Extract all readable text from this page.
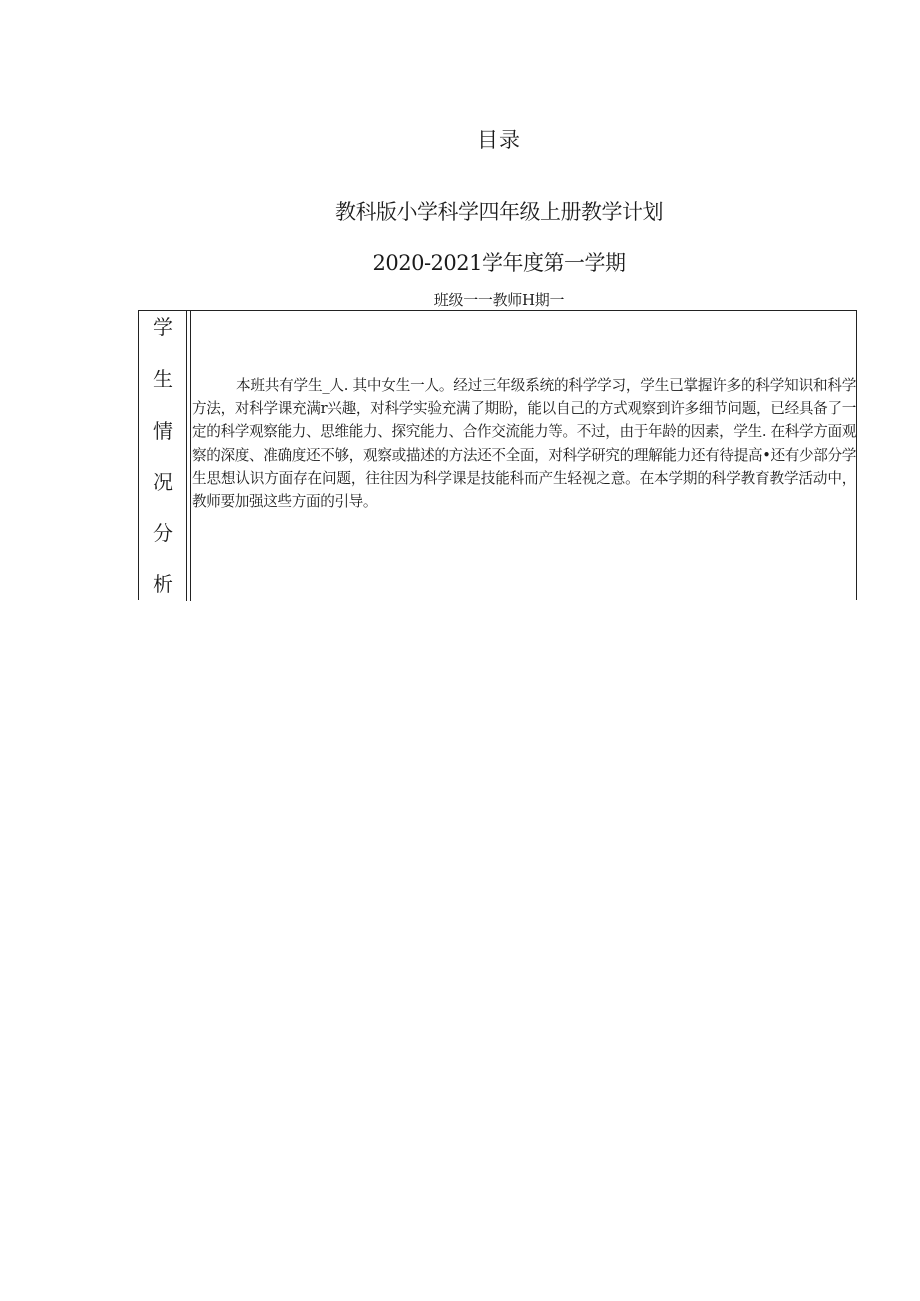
目录
教科版小学科学四年级上册教学计划
2020-2021学年度第一学期
班级一一教师H期一
学
生
情
况
分
析

本班共有学生_人. 其中女生一人。经过三年级系统的科学学习，学生已掌握许多的科学知识和科学方法，对科学课充满r兴趣，对科学实验充满了期盼，能以自己的方式观察到许多细节问题，已经具备了一定的科学观察能力、思维能力、探究能力、合作交流能力等。不过，由于年龄的因素，学生. 在科学方面观察的深度、准确度还不够，观察或描述的方法还不全面，对科学研究的理解能力还有待提高•还有少部分学生思想认识方面存在问题，往往因为科学课是技能科而产生轻视之意。在本学期的科学教育教学活动中，教师要加强这些方面的引导。
